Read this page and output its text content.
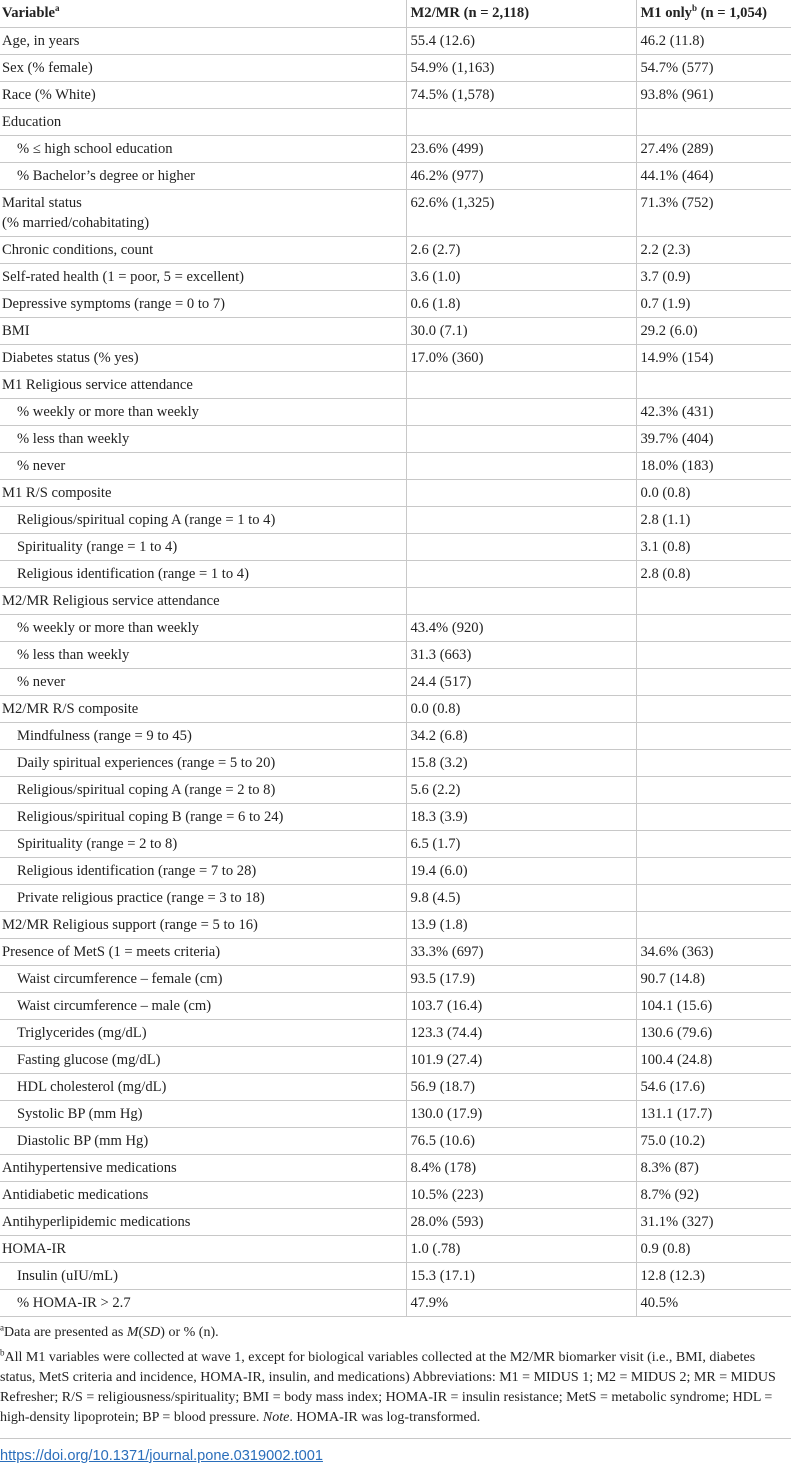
Variable$^a$	M2/MR (n = 2,118)	M1 only$^b$ (n = 1,054)
Age, in years	55.4 (12.6)	46.2 (11.8)
Sex (% female)	54.9% (1,163)	54.7% (577)
Race (% White)	74.5% (1,578)	93.8% (961)
Education		
% ≤ high school education	23.6% (499)	27.4% (289)
% Bachelor’s degree or higher	46.2% (977)	44.1% (464)
Marital status
(% married/cohabitating)	62.6% (1,325)	71.3% (752)
Chronic conditions, count	2.6 (2.7)	2.2 (2.3)
Self-rated health (1 = poor, 5 = excellent)	3.6 (1.0)	3.7 (0.9)
Depressive symptoms (range = 0 to 7)	0.6 (1.8)	0.7 (1.9)
BMI	30.0 (7.1)	29.2 (6.0)
Diabetes status (% yes)	17.0% (360)	14.9% (154)
M1 Religious service attendance		
% weekly or more than weekly		42.3% (431)
% less than weekly		39.7% (404)
% never		18.0% (183)
M1 R/S composite		0.0 (0.8)
Religious/spiritual coping A (range = 1 to 4)		2.8 (1.1)
Spirituality (range = 1 to 4)		3.1 (0.8)
Religious identification (range = 1 to 4)		2.8 (0.8)
M2/MR Religious service attendance		
% weekly or more than weekly	43.4% (920)	
% less than weekly	31.3 (663)	
% never	24.4 (517)	
M2/MR R/S composite	0.0 (0.8)	
Mindfulness (range = 9 to 45)	34.2 (6.8)	
Daily spiritual experiences (range = 5 to 20)	15.8 (3.2)	
Religious/spiritual coping A (range = 2 to 8)	5.6 (2.2)	
Religious/spiritual coping B (range = 6 to 24)	18.3 (3.9)	
Spirituality (range = 2 to 8)	6.5 (1.7)	
Religious identification (range = 7 to 28)	19.4 (6.0)	
Private religious practice (range = 3 to 18)	9.8 (4.5)	
M2/MR Religious support (range = 5 to 16)	13.9 (1.8)	
Presence of MetS (1 = meets criteria)	33.3% (697)	34.6% (363)
Waist circumference – female (cm)	93.5 (17.9)	90.7 (14.8)
Waist circumference – male (cm)	103.7 (16.4)	104.1 (15.6)
Triglycerides (mg/dL)	123.3 (74.4)	130.6 (79.6)
Fasting glucose (mg/dL)	101.9 (27.4)	100.4 (24.8)
HDL cholesterol (mg/dL)	56.9 (18.7)	54.6 (17.6)
Systolic BP (mm Hg)	130.0 (17.9)	131.1 (17.7)
Diastolic BP (mm Hg)	76.5 (10.6)	75.0 (10.2)
Antihypertensive medications	8.4% (178)	8.3% (87)
Antidiabetic medications	10.5% (223)	8.7% (92)
Antihyperlipidemic medications	28.0% (593)	31.1% (327)
HOMA-IR	1.0 (.78)	0.9 (0.8)
Insulin (uIU/mL)	15.3 (17.1)	12.8 (12.3)
% HOMA-IR > 2.7	47.9%	40.5%

$^a$Data are presented as M(SD) or % (n).

$^b$All M1 variables were collected at wave 1, except for biological variables collected at the M2/MR biomarker visit (i.e., BMI, diabetes status, MetS criteria and incidence, HOMA-IR, insulin, and medications) Abbreviations: M1 = MIDUS 1; M2 = MIDUS 2; MR = MIDUS Refresher; R/S = religiousness/spirituality; BMI = body mass index; HOMA-IR = insulin resistance; MetS = metabolic syndrome; HDL = high-density lipoprotein; BP = blood pressure. Note. HOMA-IR was log-transformed.

https://doi.org/10.1371/journal.pone.0319002.t001
